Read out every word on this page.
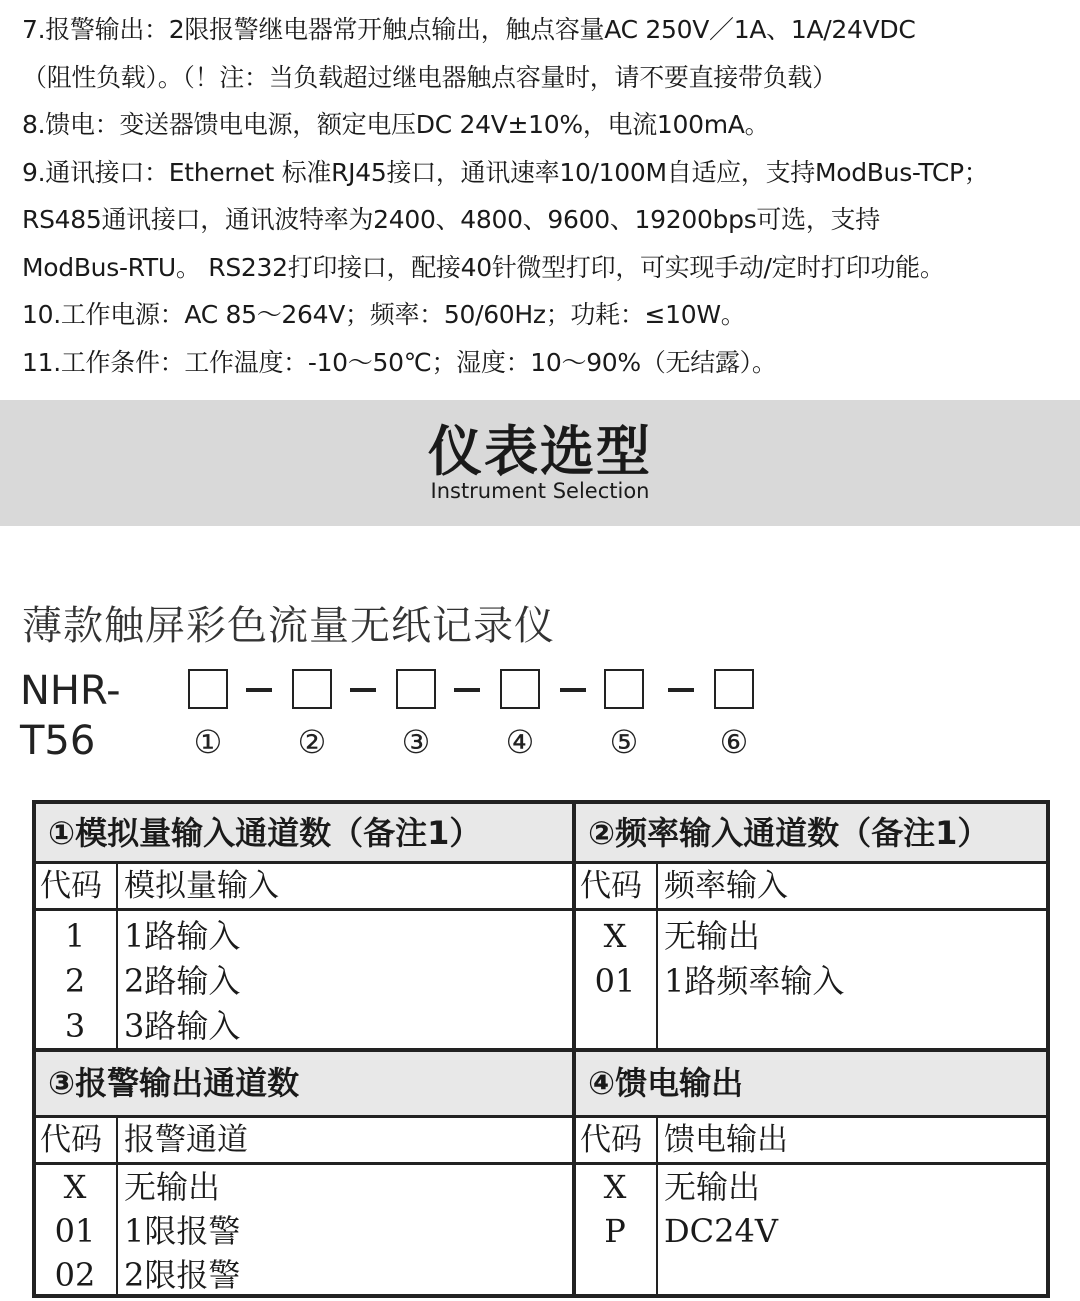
7.报警输出：2限报警继电器常开触点输出，触点容量AC 250V／1A、1A/24VDC
（阻性负载）。（！注：当负载超过继电器触点容量时，请不要直接带负载）
8.馈电：变送器馈电电源，额定电压DC 24V±10%，电流100mA。
9.通讯接口：Ethernet 标准RJ45接口，通讯速率10/100M自适应，支持ModBus-TCP；
RS485通讯接口，通讯波特率为2400、4800、9600、19200bps可选，支持
ModBus-RTU。 RS232打印接口，配接40针微型打印，可实现手动/定时打印功能。
10.工作电源：AC 85～264V；频率：50/60Hz；功耗：≤10W。
11.工作条件：工作温度：-10～50℃；湿度：10～90%（无结露）。
仪表选型
Instrument Selection
薄款触屏彩色流量无纸记录仪
NHR-T56	① ② ③ ④ ⑤	⑥
①模拟量输入通道数（备注1）
代码 模拟量输入
1	1路输入
2	2路输入
3	3路输入
③报警输出通道数
代码 报警通道
X	无输出
01 1限报警
02 2限报警
②频率输入通道数（备注1）
代码 频率输入
X	无输出
01 1路频率输入
④馈电输出
代码 馈电输出
X	无输出
P	DC24V
